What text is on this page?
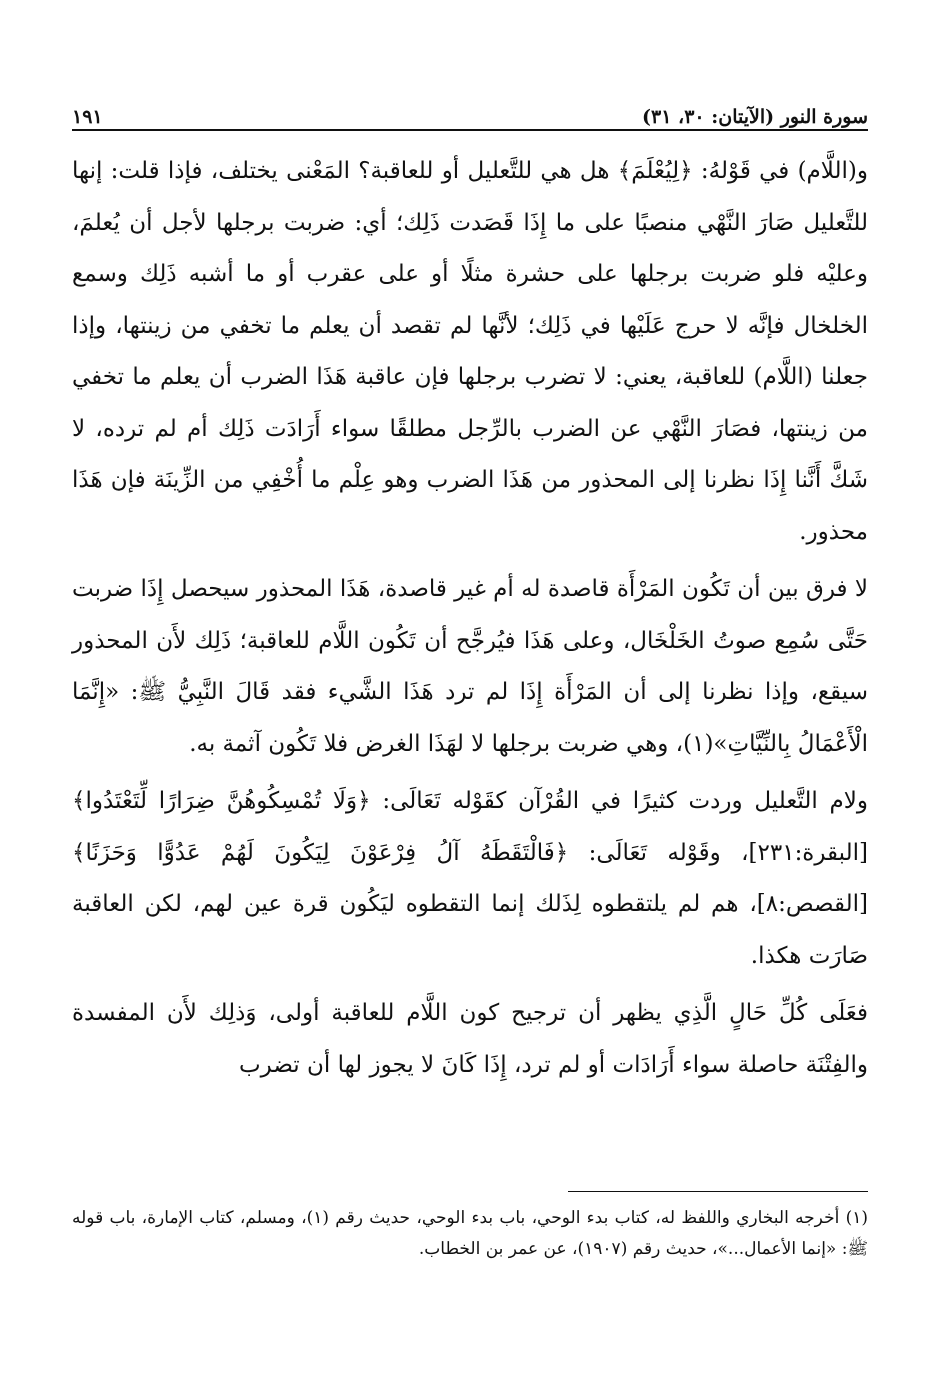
سورة النور (الآيتان: ٣٠، ٣١)
١٩١

و(اللَّام) في قَوْلهُ: ﴿لِيُعْلَمَ﴾ هل هي للتَّعليل أو للعاقبة؟ المَعْنى يختلف، فإذا قلت: إنها للتَّعليل صَارَ النَّهْي منصبًا على ما إِذَا قَصَدت ذَلِك؛ أي: ضربت برجلها لأجل أن يُعلمَ، وعليْه فلو ضربت برجلها على حشرة مثلًا أو على عقرب أو ما أشبه ذَلِك وسمع الخلخال فإنَّه لا حرج عَلَيْها في ذَلِك؛ لأنَّها لم تقصد أن يعلم ما تخفي من زينتها، وإذا جعلنا (اللَّام) للعاقبة، يعني: لا تضرب برجلها فإن عاقبة هَذَا الضرب أن يعلم ما تخفي من زينتها، فصَارَ النَّهْي عن الضرب بالرِّجل مطلقًا سواء أَرَادَت ذَلِك أم لم ترده، لا شَكَّ أَنَّنا إِذَا نظرنا إلى المحذور من هَذَا الضرب وهو عِلْم ما أُخْفِي من الزِّينَة فإن هَذَا محذور.

لا فرق بين أن تَكُون المَرْأَة قاصدة له أم غير قاصدة، هَذَا المحذور سيحصل إِذَا ضربت حَتَّى سُمِع صوتُ الخَلْخَال، وعلى هَذَا فيُرجَّح أن تَكُون اللَّام للعاقبة؛ ذَلِك لأَن المحذور سيقع، وإذا نظرنا إلى أن المَرْأَة إِذَا لم ترد هَذَا الشَّيء فقد قَالَ النَّبِيُّ ﷺ: «إِنَّمَا الْأَعْمَالُ بِالنِّيَّاتِ»(١)، وهي ضربت برجلها لا لهَذَا الغرض فلا تَكُون آثمة به.

ولام التَّعليل وردت كثيرًا في القُرْآن كقَوْله تَعَالَى: ﴿وَلَا تُمْسِكُوهُنَّ ضِرَارًا لِّتَعْتَدُوا﴾ [البقرة:٢٣١]، وقَوْله تَعَالَى: ﴿فَالْتَقَطَهُ آلُ فِرْعَوْنَ لِيَكُونَ لَهُمْ عَدُوًّا وَحَزَنًا﴾ [القصص:٨]، هم لم يلتقطوه لِذَلك إنما التقطوه ليَكُون قرة عين لهم، لكن العاقبة صَارَت هكذا.

فعَلَى كُلِّ حَالٍ الَّذِي يظهر أن ترجيح كون اللَّام للعاقبة أولى، وَذلِك لأَن المفسدة والفِتْنَة حاصلة سواء أَرَادَات أو لم ترد، إِذَا كَانَ لا يجوز لها أن تضرب

(١) أخرجه البخاري واللفظ له، كتاب بدء الوحي، باب بدء الوحي، حديث رقم (١)، ومسلم، كتاب الإمارة، باب قوله ﷺ: «إنما الأعمال...»، حديث رقم (١٩٠٧)، عن عمر بن الخطاب.
